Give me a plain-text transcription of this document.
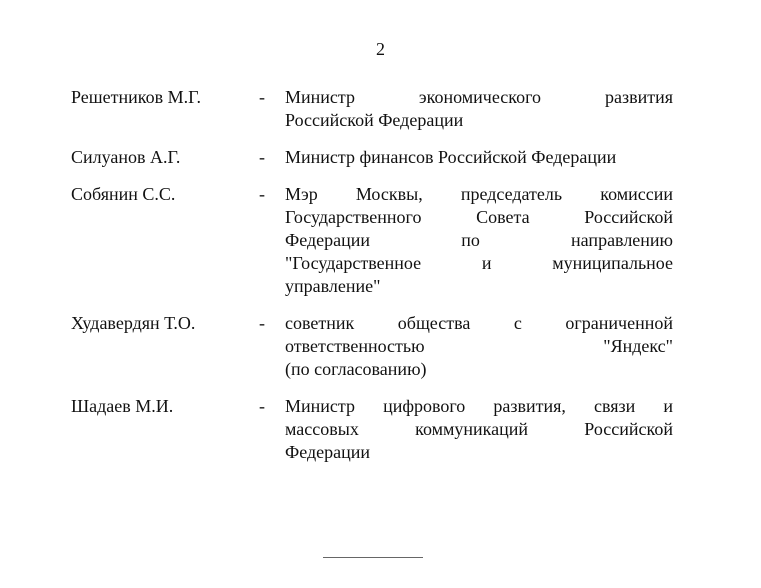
2
Решетников М.Г.	-	Министр экономического развития
Российской Федерации
Силуанов А.Г.	-	Министр финансов Российской Федерации
Собянин С.С.	-	Мэр Москвы, председатель комиссии
Государственного Совета Российской
Федерации по направлению
"Государственное и муниципальное
управление"
Худавердян Т.О.	-	советник общества с ограниченной
ответственностью "Яндекс"
(по согласованию)
Шадаев М.И.	-	Министр цифрового развития, связи и
массовых коммуникаций Российской
Федерации
